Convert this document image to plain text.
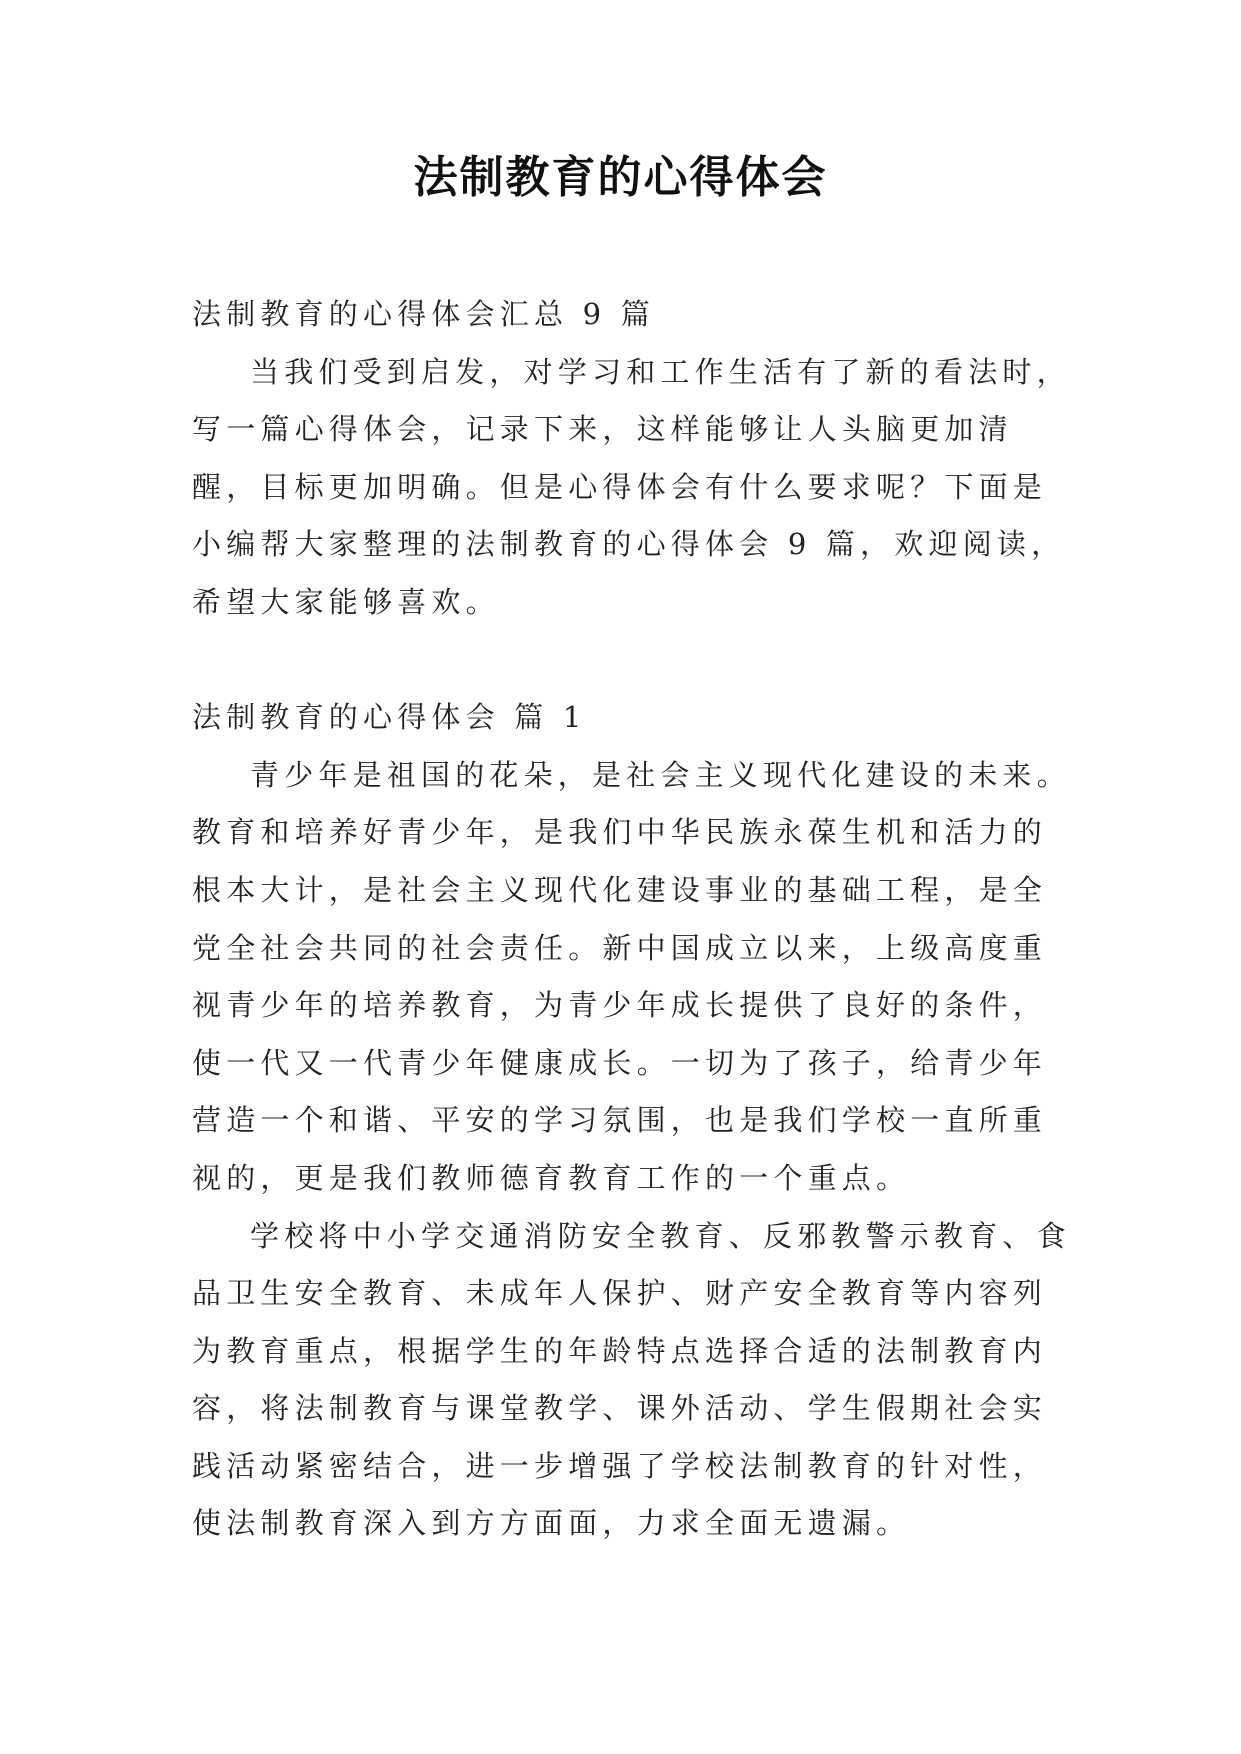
法制教育的心得体会

法制教育的心得体会汇总 9 篇

当我们受到启发，对学习和工作生活有了新的看法时，写一篇心得体会，记录下来，这样能够让人头脑更加清醒，目标更加明确。但是心得体会有什么要求呢？下面是小编帮大家整理的法制教育的心得体会 9 篇，欢迎阅读，希望大家能够喜欢。

法制教育的心得体会 篇 1

青少年是祖国的花朵，是社会主义现代化建设的未来。教育和培养好青少年，是我们中华民族永葆生机和活力的根本大计，是社会主义现代化建设事业的基础工程，是全党全社会共同的社会责任。新中国成立以来，上级高度重视青少年的培养教育，为青少年成长提供了良好的条件，使一代又一代青少年健康成长。一切为了孩子，给青少年营造一个和谐、平安的学习氛围，也是我们学校一直所重视的，更是我们教师德育教育工作的一个重点。

学校将中小学交通消防安全教育、反邪教警示教育、食品卫生安全教育、未成年人保护、财产安全教育等内容列为教育重点，根据学生的年龄特点选择合适的法制教育内容，将法制教育与课堂教学、课外活动、学生假期社会实践活动紧密结合，进一步增强了学校法制教育的针对性，使法制教育深入到方方面面，力求全面无遗漏。
